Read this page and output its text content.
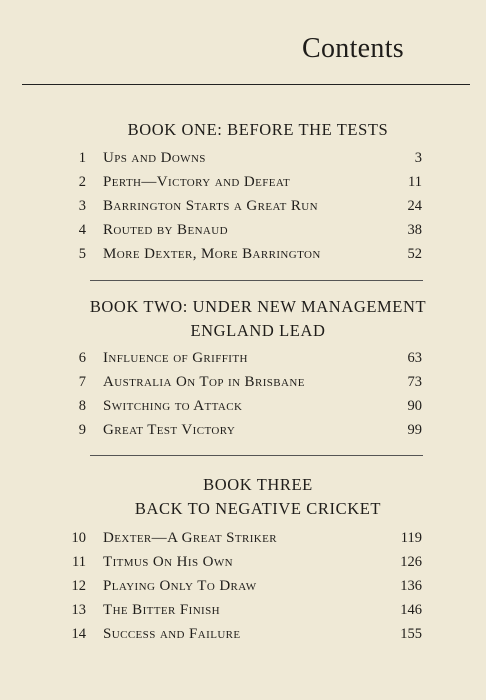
Contents

BOOK ONE: BEFORE THE TESTS

1 Ups and Downs	3
2 Perth—Victory and Defeat	11
3 Barrington Starts a Great Run	24
4 Routed by Benaud	38
5 More Dexter, More Barrington	52

BOOK TWO: UNDER NEW MANAGEMENT

ENGLAND LEAD

6 Influence of Griffith	63
7 Australia On Top in Brisbane	73
8 Switching to Attack	90
9 Great Test Victory	99

BOOK THREE

BACK TO NEGATIVE CRICKET

10 Dexter—A Great Striker	119
11 Titmus On His Own	126
12 Playing Only To Draw	136
13 The Bitter Finish	146
14 Success and Failure	155
